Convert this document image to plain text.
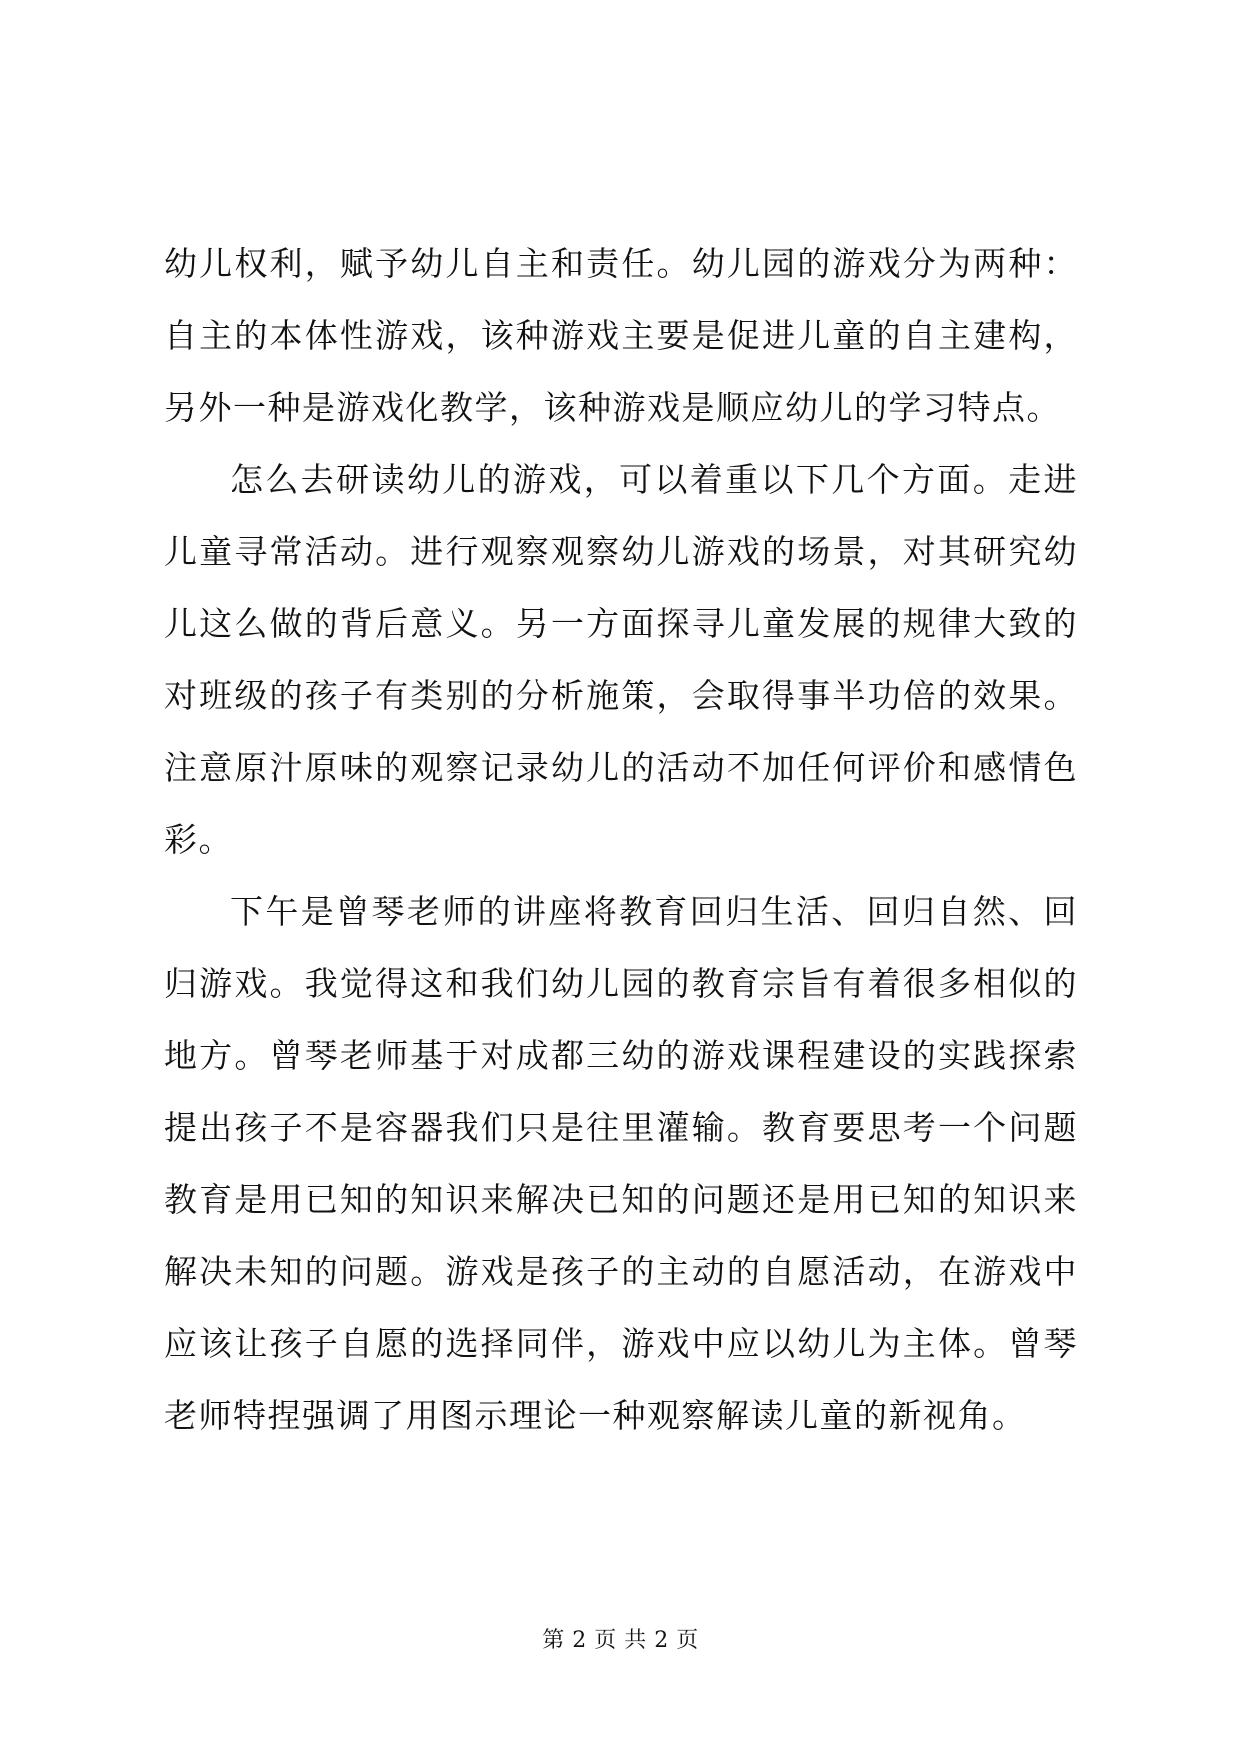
幼儿权利，赋予幼儿自主和责任。幼儿园的游戏分为两种：自主的本体性游戏，该种游戏主要是促进儿童的自主建构，另外一种是游戏化教学，该种游戏是顺应幼儿的学习特点。

怎么去研读幼儿的游戏，可以着重以下几个方面。走进儿童寻常活动。进行观察观察幼儿游戏的场景，对其研究幼儿这么做的背后意义。另一方面探寻儿童发展的规律大致的对班级的孩子有类别的分析施策，会取得事半功倍的效果。注意原汁原味的观察记录幼儿的活动不加任何评价和感情色彩。

下午是曾琴老师的讲座将教育回归生活、回归自然、回归游戏。我觉得这和我们幼儿园的教育宗旨有着很多相似的地方。曾琴老师基于对成都三幼的游戏课程建设的实践探索提出孩子不是容器我们只是往里灌输。教育要思考一个问题教育是用已知的知识来解决已知的问题还是用已知的知识来解决未知的问题。游戏是孩子的主动的自愿活动，在游戏中应该让孩子自愿的选择同伴，游戏中应以幼儿为主体。曾琴老师特捏强调了用图示理论一种观察解读儿童的新视角。

第 2 页 共 2 页
